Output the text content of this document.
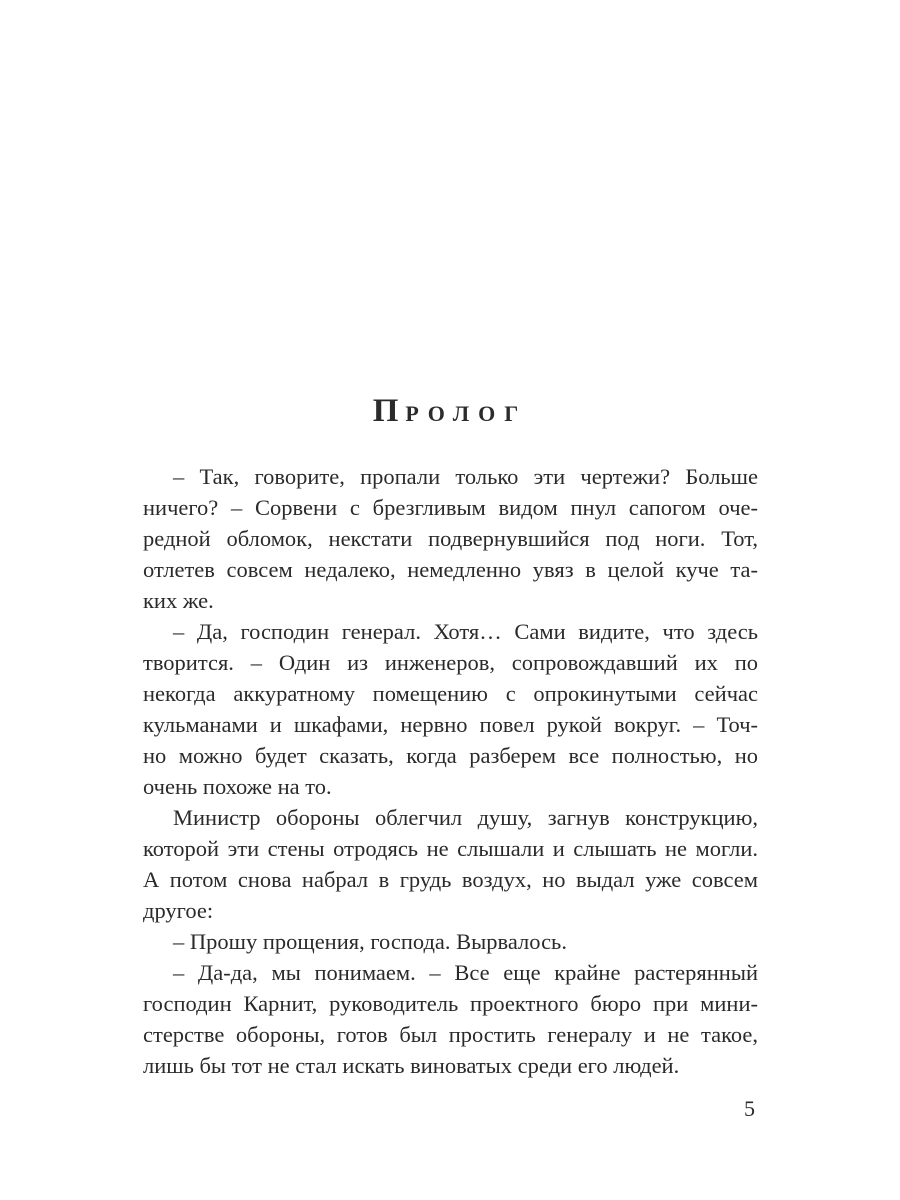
ПРОЛОГ
– Так, говорите, пропали только эти чертежи? Больше
ничего? – Сорвени с брезгливым видом пнул сапогом оче-
редной обломок, некстати подвернувшийся под ноги. Тот,
отлетев совсем недалеко, немедленно увяз в целой куче та-
ких же.
– Да, господин генерал. Хотя… Сами видите, что здесь
творится. – Один из инженеров, сопровождавший их по
некогда аккуратному помещению с опрокинутыми сейчас
кульманами и шкафами, нервно повел рукой вокруг. – Точ-
но можно будет сказать, когда разберем все полностью, но
очень похоже на то.
Министр обороны облегчил душу, загнув конструкцию,
которой эти стены отродясь не слышали и слышать не могли.
А потом снова набрал в грудь воздух, но выдал уже совсем
другое:
– Прошу прощения, господа. Вырвалось.
– Да-да, мы понимаем. – Все еще крайне растерянный
господин Карнит, руководитель проектного бюро при мини-
стерстве обороны, готов был простить генералу и не такое,
лишь бы тот не стал искать виноватых среди его людей.
5
